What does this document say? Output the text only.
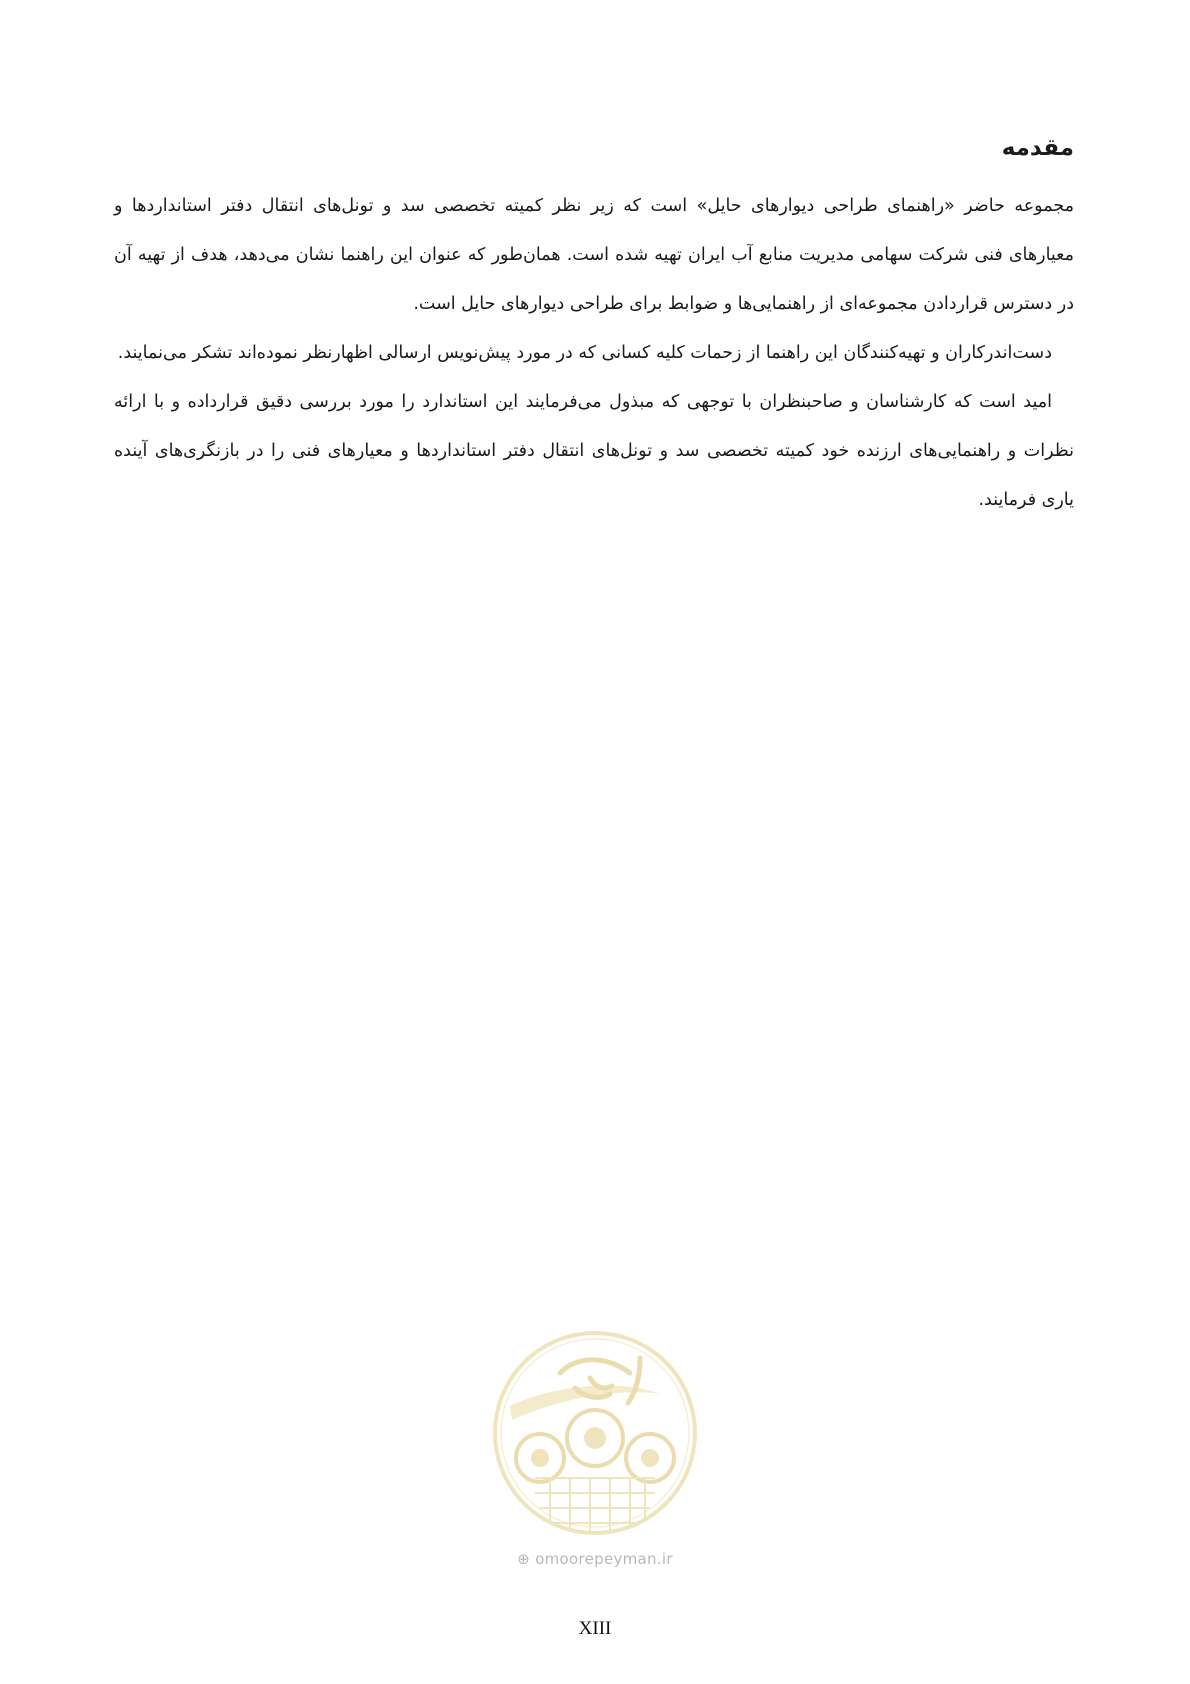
مقدمه

مجموعه حاضر «راهنمای طراحی دیوارهای حایل» است که زیر نظر کمیته تخصصی سد و تونل‌های انتقال دفتر استانداردها و معیارهای فنی شرکت سهامی مدیریت منابع آب ایران تهیه شده است. همان‌طور که عنوان این راهنما نشان می‌دهد، هدف از تهیه آن در دسترس قراردادن مجموعه‌ای از راهنمایی‌ها و ضوابط برای طراحی دیوارهای حایل است.

دست‌اندرکاران و تهیه‌کنندگان این راهنما از زحمات کلیه کسانی که در مورد پیش‌نویس ارسالی اظهارنظر نموده‌اند تشکر می‌نمایند.

امید است که کارشناسان و صاحبنظران با توجهی که مبذول می‌فرمایند این استاندارد را مورد بررسی دقیق قرارداده و با ارائه نظرات و راهنمایی‌های ارزنده خود کمیته تخصصی سد و تونل‌های انتقال دفتر استانداردها و معیارهای فنی را در بازنگری‌های آینده یاری فرمایند.

⊕ omoorepeyman.ir
XIII
